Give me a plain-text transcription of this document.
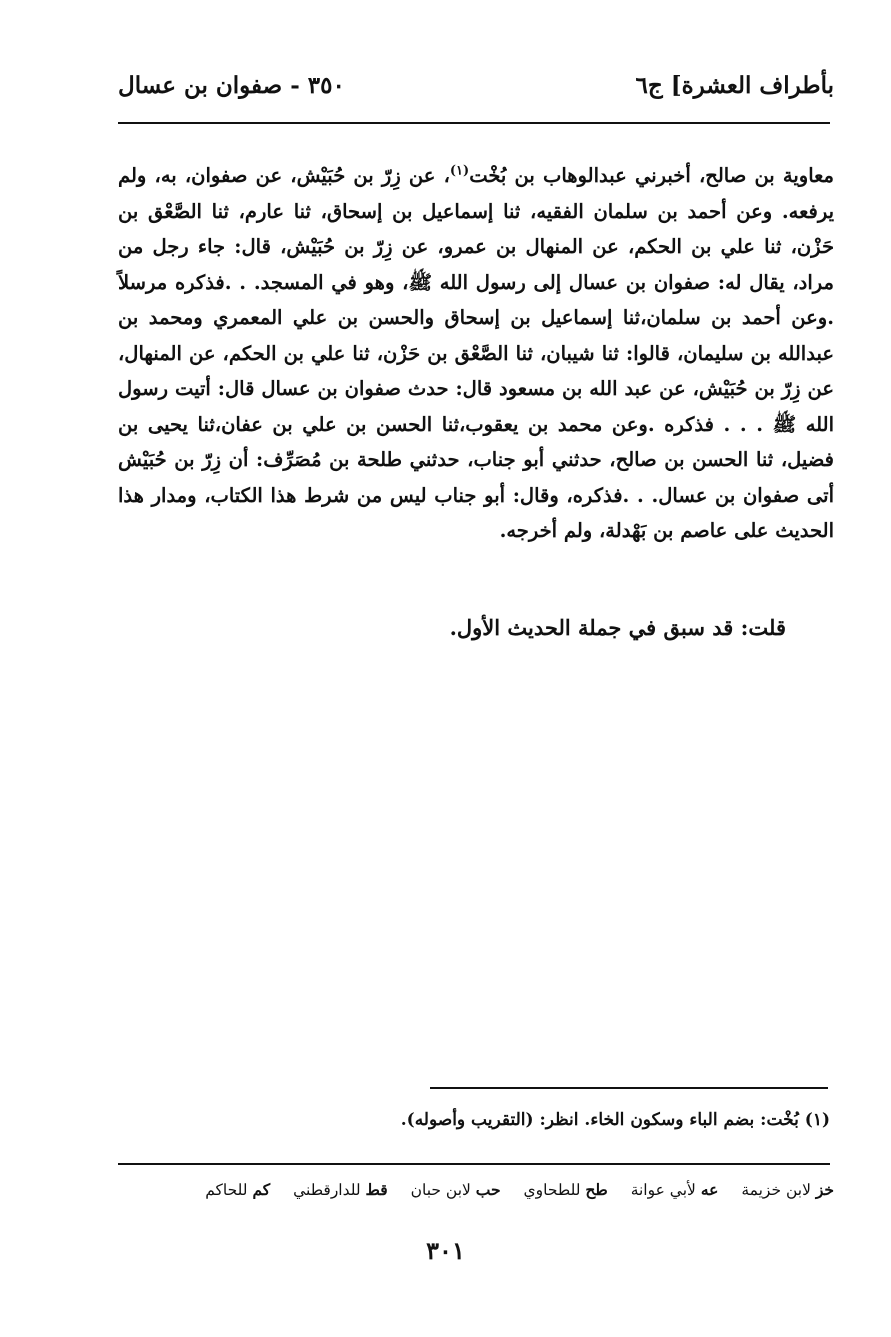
بأطراف العشرة] ج٦
٣٥٠ - صفوان بن عسال

معاوية بن صالح، أخبرني عبدالوهاب بن بُخْت$^{(١)}$، عن زِرّ بن حُبَيْش، عن صفوان، به، ولم يرفعه. وعن أحمد بن سلمان الفقيه، ثنا إسماعيل بن إسحاق، ثنا عارم، ثنا الصَّعْق بن حَزْن، ثنا علي بن الحكم، عن المنهال بن عمرو، عن زِرّ بن حُبَيْش، قال: جاء رجل من مراد، يقال له: صفوان بن عسال إلى رسول الله ﷺ، وهو في المسجد. . .فذكره مرسلاً .وعن أحمد بن سلمان،ثنا إسماعيل بن إسحاق والحسن بن علي المعمري ومحمد بن عبدالله بن سليمان، قالوا: ثنا شيبان، ثنا الصَّعْق بن حَزْن، ثنا علي بن الحكم، عن المنهال، عن زِرّ بن حُبَيْش، عن عبد الله بن مسعود قال: حدث صفوان بن عسال قال: أتيت رسول الله ﷺ . . . فذكره .وعن محمد بن يعقوب،ثنا الحسن بن علي بن عفان،ثنا يحيى بن فضيل، ثنا الحسن بن صالح، حدثني أبو جناب، حدثني طلحة بن مُصَرِّف: أن زِرّ بن حُبَيْش أتى صفوان بن عسال. . .فذكره، وقال: أبو جناب ليس من شرط هذا الكتاب، ومدار هذا الحديث على عاصم بن بَهْدلة، ولم أخرجه.

قلت: قد سبق في جملة الحديث الأول.
(١) بُخْت: بضم الباء وسكون الخاء. انظر: (التقريب وأصوله).
خز لابن خزيمة عه لأبي عوانة طح للطحاوي حب لابن حبان قط للدارقطني كم للحاكم
٣٠١
